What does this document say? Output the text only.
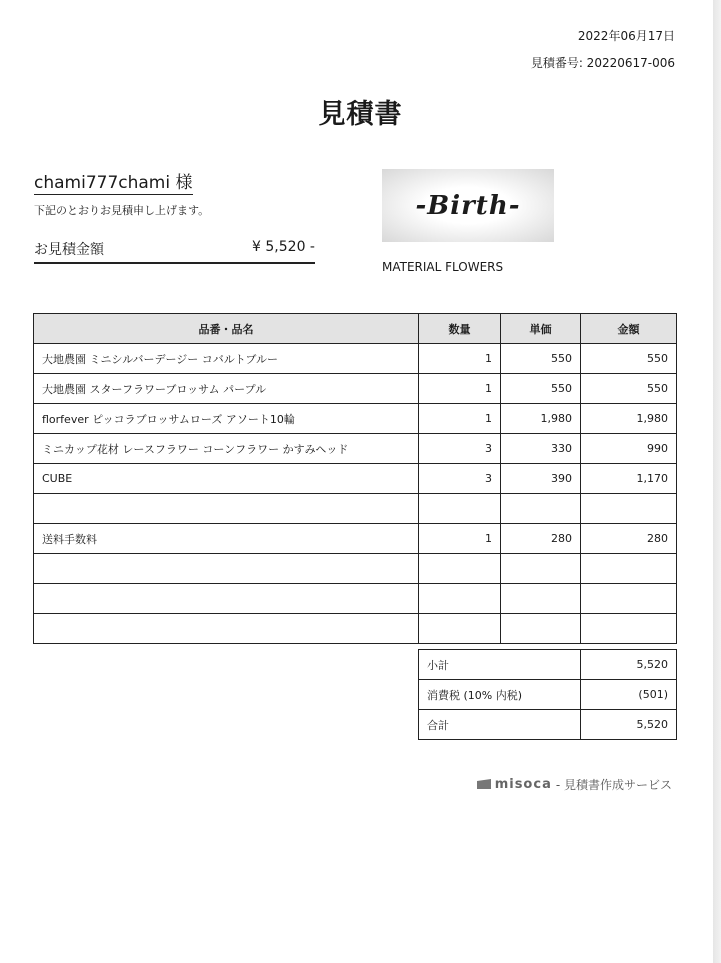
2022年06月17日
見積番号: 20220617-006
見積書
chami777chami 様
下記のとおりお見積申し上げます。
お見積金額	¥ 5,520 -
-Birth-
MATERIAL FLOWERS
品番・品名	数量	単価	金額
大地農園 ミニシルバーデージー コバルトブルー	1	550	550
大地農園 スターフラワーブロッサム パープル	1	550	550
florfever ピッコラブロッサムローズ アソート10輪	1	1,980	1,980
ミニカップ花材 レースフラワー コーンフラワー かすみヘッド	3	330	990
CUBE	3	390	1,170

送料手数料	1	280	280

小計	5,520
消費税 (10% 内税)	(501)
合計	5,520
misoca - 見積書作成サービス
